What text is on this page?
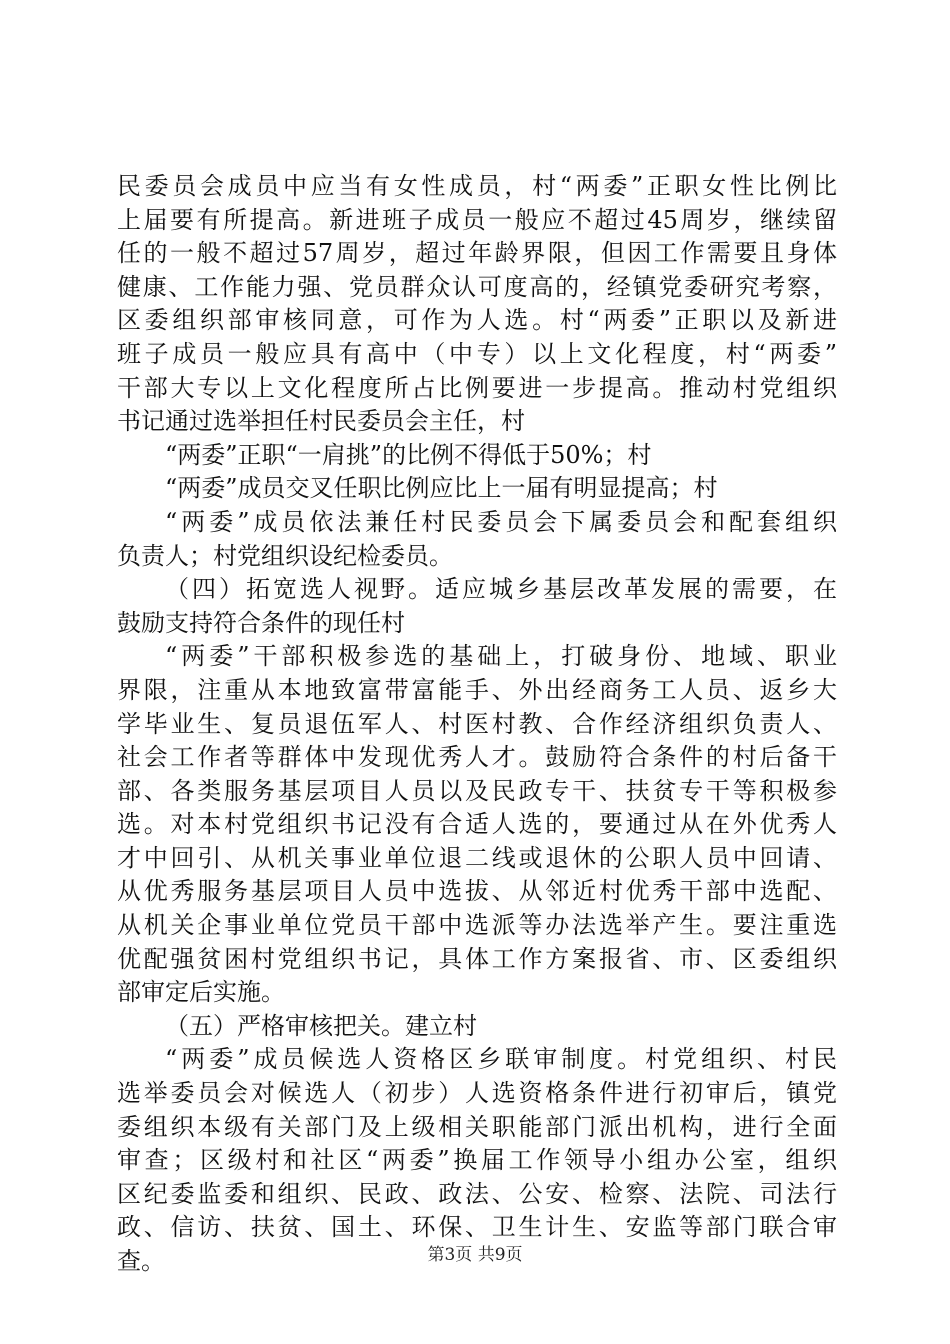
民委员会成员中应当有女性成员，村“两委”正职女性比例比
上届要有所提高。新进班子成员一般应不超过45周岁，继续留
任的一般不超过57周岁，超过年龄界限，但因工作需要且身体
健康、工作能力强、党员群众认可度高的，经镇党委研究考察，
区委组织部审核同意，可作为人选。村“两委”正职以及新进
班子成员一般应具有高中（中专）以上文化程度，村“两委”
干部大专以上文化程度所占比例要进一步提高。推动村党组织
书记通过选举担任村民委员会主任，村
“两委”正职“一肩挑”的比例不得低于50%；村
“两委”成员交叉任职比例应比上一届有明显提高；村
“两委”成员依法兼任村民委员会下属委员会和配套组织
负责人；村党组织设纪检委员。
（四）拓宽选人视野。适应城乡基层改革发展的需要，在
鼓励支持符合条件的现任村
“两委”干部积极参选的基础上，打破身份、地域、职业
界限，注重从本地致富带富能手、外出经商务工人员、返乡大
学毕业生、复员退伍军人、村医村教、合作经济组织负责人、
社会工作者等群体中发现优秀人才。鼓励符合条件的村后备干
部、各类服务基层项目人员以及民政专干、扶贫专干等积极参
选。对本村党组织书记没有合适人选的，要通过从在外优秀人
才中回引、从机关事业单位退二线或退休的公职人员中回请、
从优秀服务基层项目人员中选拔、从邻近村优秀干部中选配、
从机关企事业单位党员干部中选派等办法选举产生。要注重选
优配强贫困村党组织书记，具体工作方案报省、市、区委组织
部审定后实施。
（五）严格审核把关。建立村
“两委”成员候选人资格区乡联审制度。村党组织、村民
选举委员会对候选人（初步）人选资格条件进行初审后，镇党
委组织本级有关部门及上级相关职能部门派出机构，进行全面
审查；区级村和社区“两委”换届工作领导小组办公室，组织
区纪委监委和组织、民政、政法、公安、检察、法院、司法行
政、信访、扶贫、国土、环保、卫生计生、安监等部门联合审
查。	第3页 共9页
